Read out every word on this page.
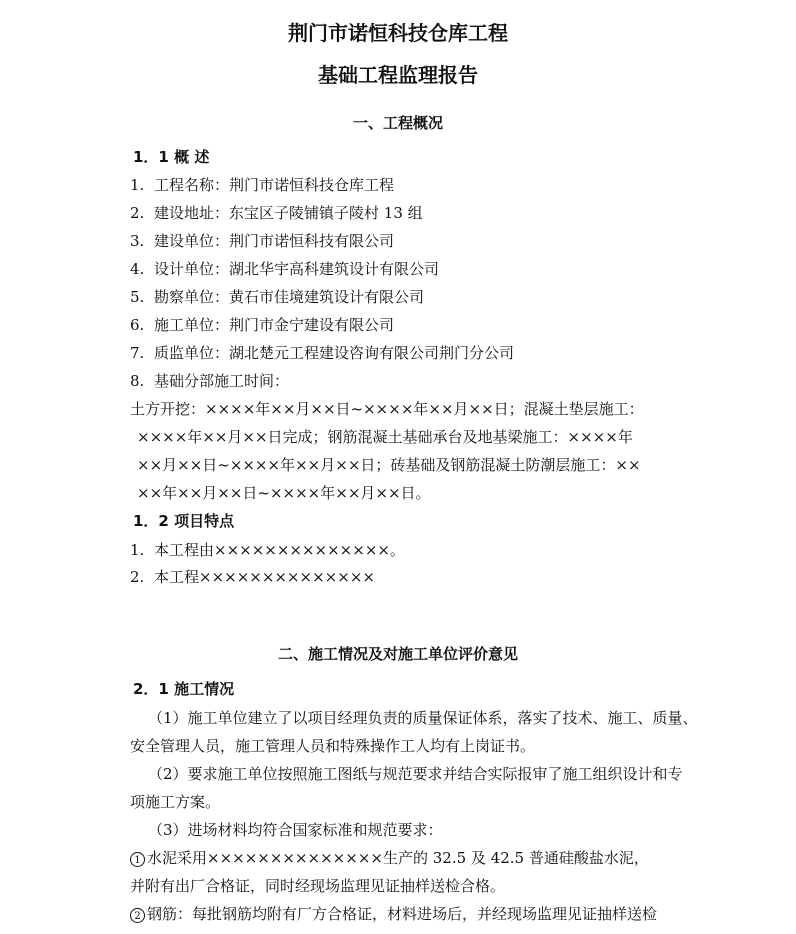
荆门市诺恒科技仓库工程
基础工程监理报告
一、工程概况
1．1 概 述
1. 工程名称：荆门市诺恒科技仓库工程
2. 建设地址：东宝区子陵铺镇子陵村 13 组
3. 建设单位：荆门市诺恒科技有限公司
4. 设计单位：湖北华宇高科建筑设计有限公司
5. 勘察单位：黄石市佳境建筑设计有限公司
6. 施工单位：荆门市金宁建设有限公司
7. 质监单位：湖北楚元工程建设咨询有限公司荆门分公司
8. 基础分部施工时间：
土方开挖：××××年××月××日~××××年××月××日；混凝土垫层施工：
××××年××月××日完成；钢筋混凝土基础承台及地基梁施工：××××年
××月××日~××××年××月××日；砖基础及钢筋混凝土防潮层施工：××
××年××月××日~××××年××月××日。
1．2 项目特点
1. 本工程由××××××××××××××。
2. 本工程××××××××××××××
二、施工情况及对施工单位评价意见
2．1 施工情况
（1）施工单位建立了以项目经理负责的质量保证体系，落实了技术、施工、质量、
安全管理人员，施工管理人员和特殊操作工人均有上岗证书。
（2）要求施工单位按照施工图纸与规范要求并结合实际报审了施工组织设计和专
项施工方案。
（3）进场材料均符合国家标准和规范要求：
1 水泥采用××××××××××××××生产的 32.5 及 42.5 普通硅酸盐水泥，
并附有出厂合格证，同时经现场监理见证抽样送检合格。
2 钢筋：每批钢筋均附有厂方合格证，材料进场后，并经现场监理见证抽样送检
